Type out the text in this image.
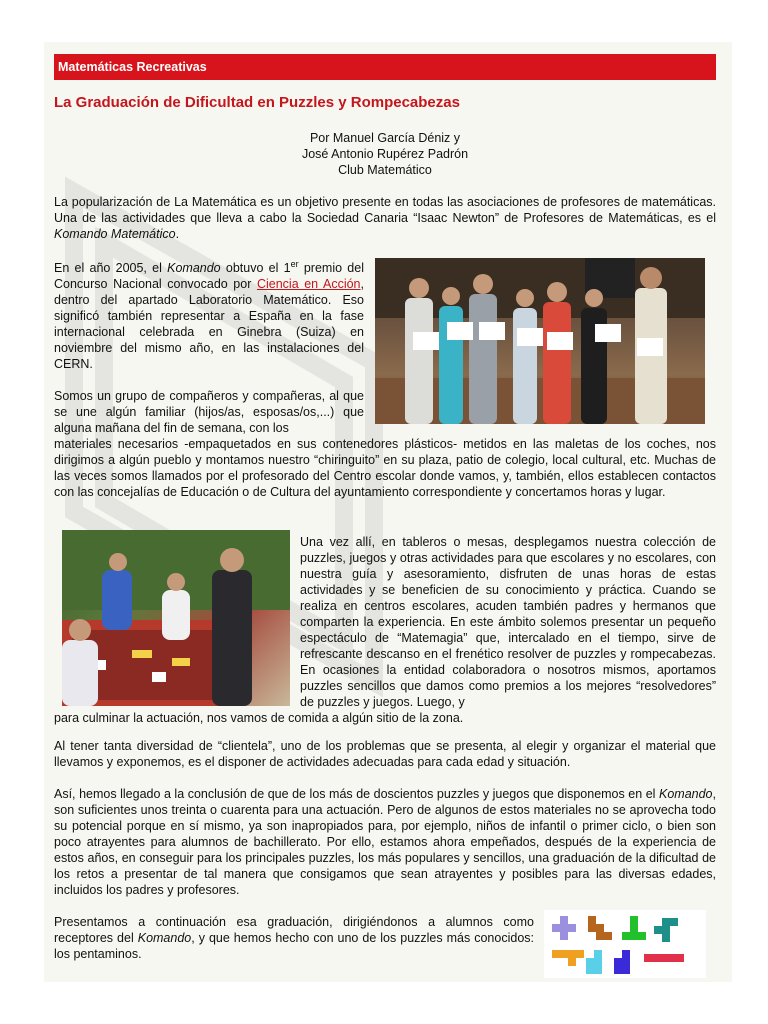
Matemáticas Recreativas
La Graduación de Dificultad en Puzzles y Rompecabezas
Por Manuel García Déniz y
José Antonio Rupérez Padrón
Club Matemático

La popularización de La Matemática es un objetivo presente en todas las asociaciones de profesores de matemáticas. Una de las actividades que lleva a cabo la Sociedad Canaria “Isaac Newton” de Profesores de Matemáticas, es el Komando Matemático.

En el año 2005, el Komando obtuvo el 1er premio del Concurso Nacional convocado por Ciencia en Acción, dentro del apartado Laboratorio Matemático. Eso significó también representar a España en la fase internacional celebrada en Ginebra (Suiza) en noviembre del mismo año, en las instalaciones del CERN.

Somos un grupo de compañeros y compañeras, al que se une algún familiar (hijos/as, esposas/os,...) que alguna mañana del fin de semana, con los
materiales necesarios -empaquetados en sus contenedores plásticos- metidos en las maletas de los coches, nos dirigimos a algún pueblo y montamos nuestro “chiringuito” en su plaza, patio de colegio, local cultural, etc. Muchas de las veces somos llamados por el profesorado del Centro escolar donde vamos, y, también, ellos establecen contactos con las concejalías de Educación o de Cultura del ayuntamiento correspondiente y concertamos horas y lugar.

Una vez allí, en tableros o mesas, desplegamos nuestra colección de puzzles, juegos y otras actividades para que escolares y no escolares, con nuestra guía y asesoramiento, disfruten de unas horas de estas actividades y se beneficien de su conocimiento y práctica. Cuando se realiza en centros escolares, acuden también padres y hermanos que comparten la experiencia. En este ámbito solemos presentar un pequeño espectáculo de “Matemagia” que, intercalado en el tiempo, sirve de refrescante descanso en el frenético resolver de puzzles y rompecabezas. En ocasiones la entidad colaboradora o nosotros mismos, aportamos puzzles sencillos que damos como premios a los mejores “resolvedores” de puzzles y juegos. Luego, y

para culminar la actuación, nos vamos de comida a algún sitio de la zona.

Al tener tanta diversidad de “clientela”, uno de los problemas que se presenta, al elegir y organizar el material que llevamos y exponemos, es el disponer de actividades adecuadas para cada edad y situación.

Así, hemos llegado a la conclusión de que de los más de doscientos puzzles y juegos que disponemos en el Komando, son suficientes unos treinta o cuarenta para una actuación. Pero de algunos de estos materiales no se aprovecha todo su potencial porque en sí mismo, ya son inapropiados para, por ejemplo, niños de infantil o primer ciclo, o bien son poco atrayentes para alumnos de bachillerato. Por ello, estamos ahora empeñados, después de la experiencia de estos años, en conseguir para los principales puzzles, los más populares y sencillos, una graduación de la dificultad de los retos a presentar de tal manera que consigamos que sean atrayentes y posibles para las diversas edades, incluidos los padres y profesores.

Presentamos a continuación esa graduación, dirigiéndonos a alumnos como receptores del Komando, y que hemos hecho con uno de los puzzles más conocidos: los pentaminos.
